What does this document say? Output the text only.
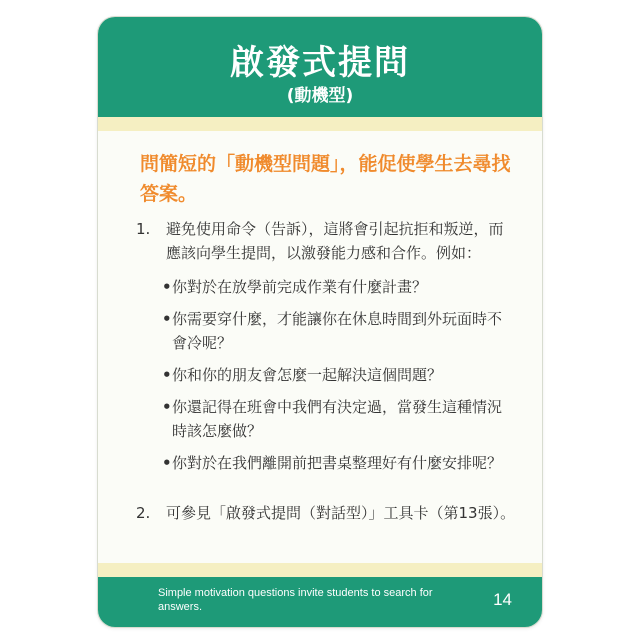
啟發式提問
(動機型)
問簡短的「動機型問題」，能促使學生去尋找答案。
1.	避免使用命令（告訴），這將會引起抗拒和叛逆，而應該向學生提問，以激發能力感和合作。例如：
• 你對於在放學前完成作業有什麼計畫？
• 你需要穿什麼，才能讓你在休息時間到外玩面時不會冷呢？
• 你和你的朋友會怎麼一起解決這個問題？
• 你還記得在班會中我們有決定過，當發生這種情況時該怎麼做？
• 你對於在我們離開前把書桌整理好有什麼安排呢？
2.	可參見「啟發式提問（對話型）」工具卡（第13張）。
Simple motivation questions invite students to search for answers.	14
